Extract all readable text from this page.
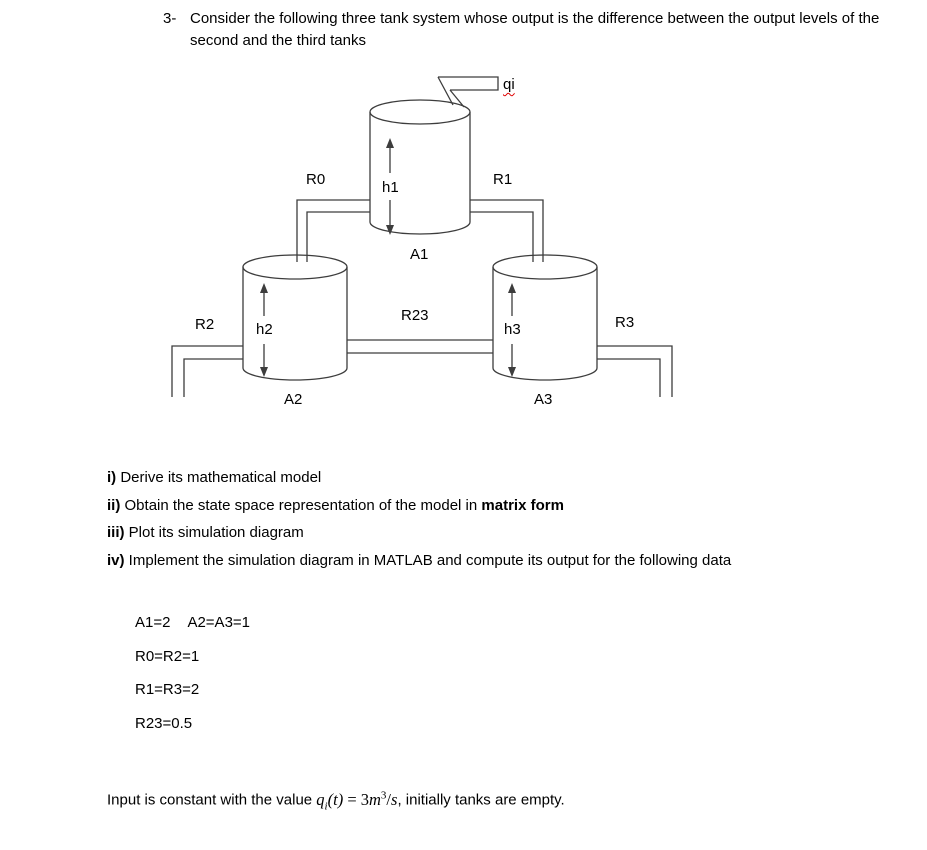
3- Consider the following three tank system whose output is the difference between the output levels of the second and the third tanks
qi
R0	h1	R1
A1
R2	h2
R23
h3	R3
A2	A3
i) Derive its mathematical model
ii) Obtain the state space representation of the model in matrix form
iii) Plot its simulation diagram
iv) Implement the simulation diagram in MATLAB and compute its output for the following data
A1=2 A2=A3=1
R0=R2=1
R1=R3=2
R23=0.5
Input is constant with the value $q_i(t) = 3m^3/s$, initially tanks are empty.
